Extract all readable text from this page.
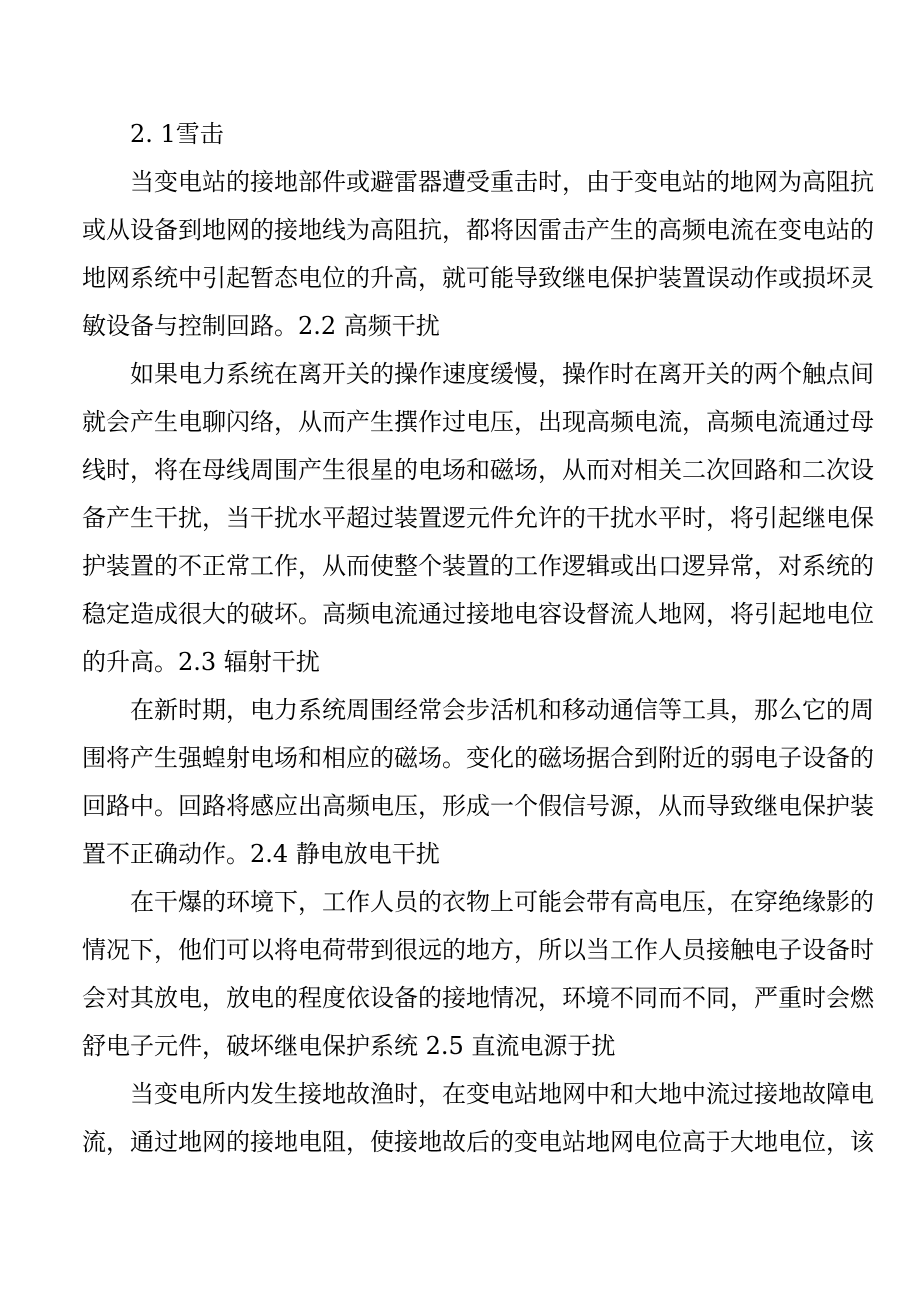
2. 1雪击
当变电站的接地部件或避雷器遭受重击时，由于变电站的地网为高阻抗
或从设备到地网的接地线为高阻抗，都将因雷击产生的高频电流在变电站的
地网系统中引起暂态电位的升高，就可能导致继电保护装置误动作或损坏灵
敏设备与控制回路。2.2 高频干扰
如果电力系统在离开关的操作速度缓慢，操作时在离开关的两个触点间
就会产生电聊闪络，从而产生撰作过电压，出现高频电流，高频电流通过母
线时，将在母线周围产生很星的电场和磁场，从而对相关二次回路和二次设
备产生干扰，当干扰水平超过装置逻元件允许的干扰水平时，将引起继电保
护装置的不正常工作，从而使整个装置的工作逻辑或出口逻异常，对系统的
稳定造成很大的破坏。高频电流通过接地电容设督流人地网，将引起地电位
的升高。2.3 辐射干扰
在新时期，电力系统周围经常会步活机和移动通信等工具，那么它的周
围将产生强蝗射电场和相应的磁场。变化的磁场据合到附近的弱电子设备的
回路中。回路将感应出高频电压，形成一个假信号源，从而导致继电保护装
置不正确动作。2.4 静电放电干扰
在干爆的环境下，工作人员的衣物上可能会带有高电压，在穿绝缘影的
情况下，他们可以将电荷带到很远的地方，所以当工作人员接触电子设备时
会对其放电，放电的程度依设备的接地情况，环境不同而不同，严重时会燃
舒电子元件，破坏继电保护系统 2.5 直流电源于扰
当变电所内发生接地故渔时，在变电站地网中和大地中流过接地故障电
流，通过地网的接地电阻，使接地故后的变电站地网电位高于大地电位，该
